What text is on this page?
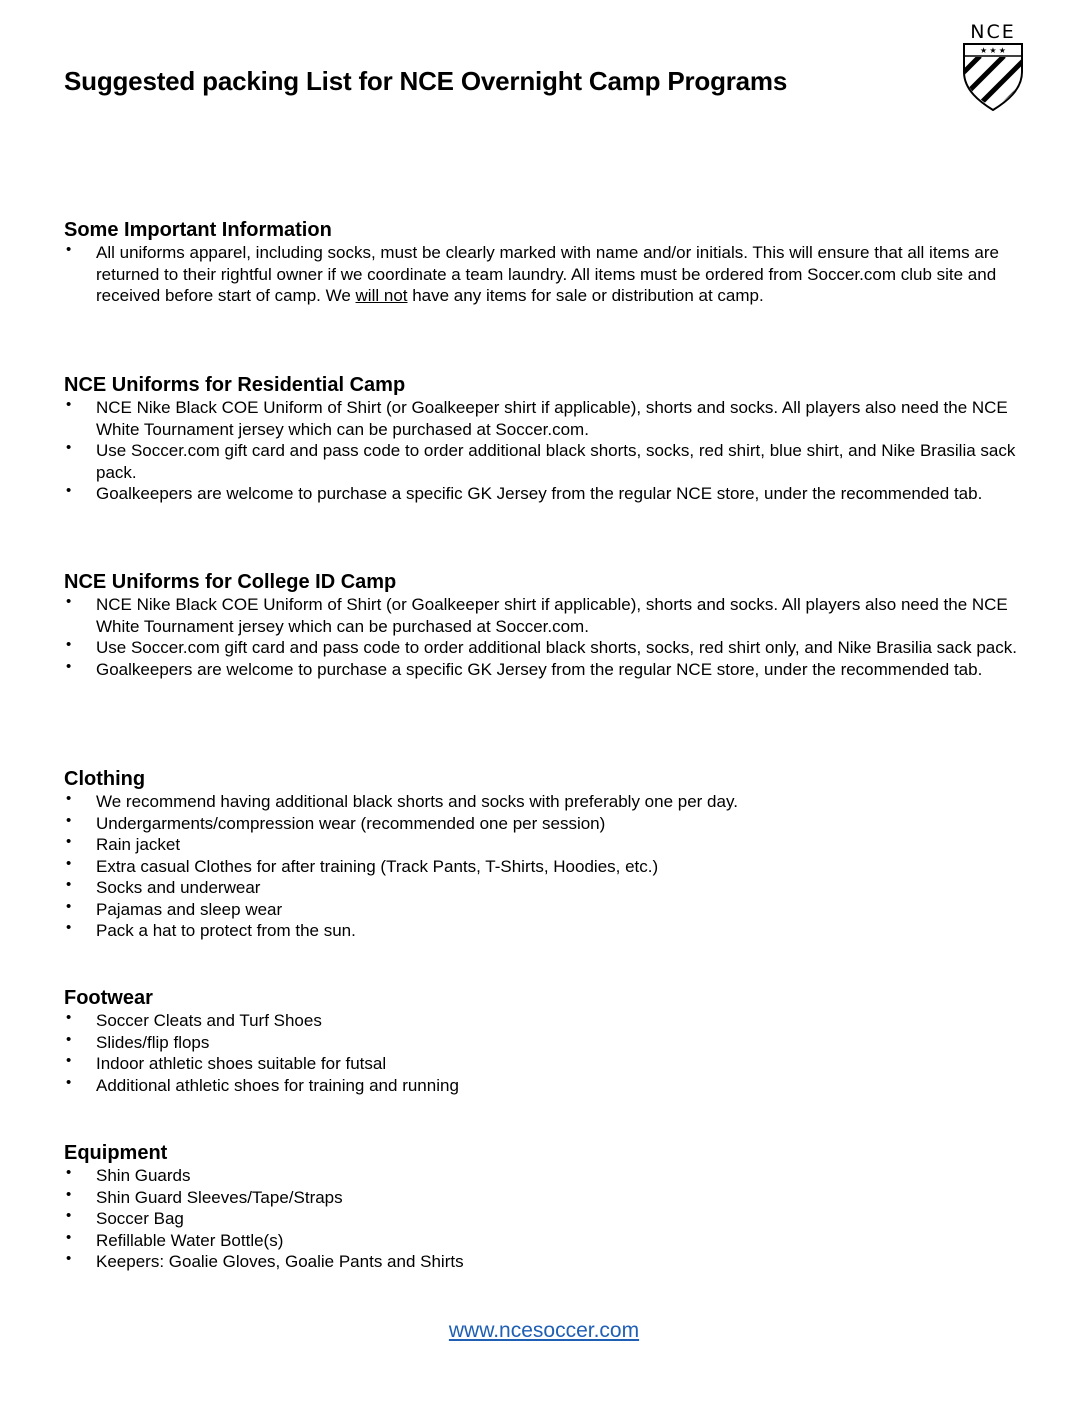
Suggested packing List for NCE Overnight Camp Programs
NCE
★ ★ ★
Some Important Information
• All uniforms apparel, including socks, must be clearly marked with name and/or initials. This will ensure that all items are returned to their rightful owner if we coordinate a team laundry. All items must be ordered from Soccer.com club site and received before start of camp. We will not have any items for sale or distribution at camp.
NCE Uniforms for Residential Camp
• NCE Nike Black COE Uniform of Shirt (or Goalkeeper shirt if applicable), shorts and socks. All players also need the NCE White Tournament jersey which can be purchased at Soccer.com.
• Use Soccer.com gift card and pass code to order additional black shorts, socks, red shirt, blue shirt, and Nike Brasilia sack pack.
• Goalkeepers are welcome to purchase a specific GK Jersey from the regular NCE store, under the recommended tab.
NCE Uniforms for College ID Camp
• NCE Nike Black COE Uniform of Shirt (or Goalkeeper shirt if applicable), shorts and socks. All players also need the NCE White Tournament jersey which can be purchased at Soccer.com.
• Use Soccer.com gift card and pass code to order additional black shorts, socks, red shirt only, and Nike Brasilia sack pack.
• Goalkeepers are welcome to purchase a specific GK Jersey from the regular NCE store, under the recommended tab.
Clothing
• We recommend having additional black shorts and socks with preferably one per day.
• Undergarments/compression wear (recommended one per session)
• Rain jacket
• Extra casual Clothes for after training (Track Pants, T-Shirts, Hoodies, etc.)
• Socks and underwear
• Pajamas and sleep wear
• Pack a hat to protect from the sun.
Footwear
• Soccer Cleats and Turf Shoes
• Slides/flip flops
• Indoor athletic shoes suitable for futsal
• Additional athletic shoes for training and running
Equipment
• Shin Guards
• Shin Guard Sleeves/Tape/Straps
• Soccer Bag
• Refillable Water Bottle(s)
• Keepers: Goalie Gloves, Goalie Pants and Shirts
www.ncesoccer.com
